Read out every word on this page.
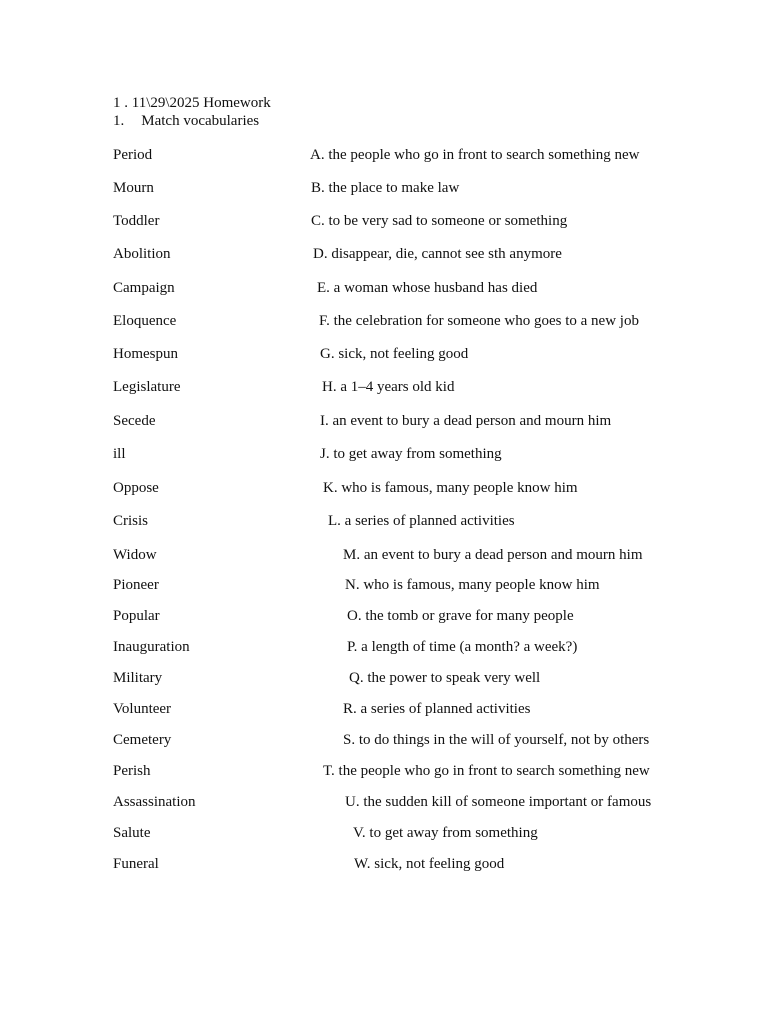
1 . 11\29\2025 Homework
1. Match vocabularies
Period	A. the people who go in front to search something new
Mourn	B. the place to make law
Toddler	C. to be very sad to someone or something
Abolition	D. disappear, die, cannot see sth anymore
Campaign	E. a woman whose husband has died
Eloquence	F. the celebration for someone who goes to a new job
Homespun	G. sick, not feeling good
Legislature	H. a 1–4 years old kid
Secede	I. an event to bury a dead person and mourn him
ill	J. to get away from something
Oppose	K. who is famous, many people know him
Crisis	L. a series of planned activities
Widow	M. an event to bury a dead person and mourn him
Pioneer	N. who is famous, many people know him
Popular	O. the tomb or grave for many people
Inauguration	P. a length of time (a month? a week?)
Military	Q. the power to speak very well
Volunteer	R. a series of planned activities
Cemetery	S. to do things in the will of yourself, not by others
Perish	T. the people who go in front to search something new
Assassination	U. the sudden kill of someone important or famous
Salute	V. to get away from something
Funeral	W. sick, not feeling good
